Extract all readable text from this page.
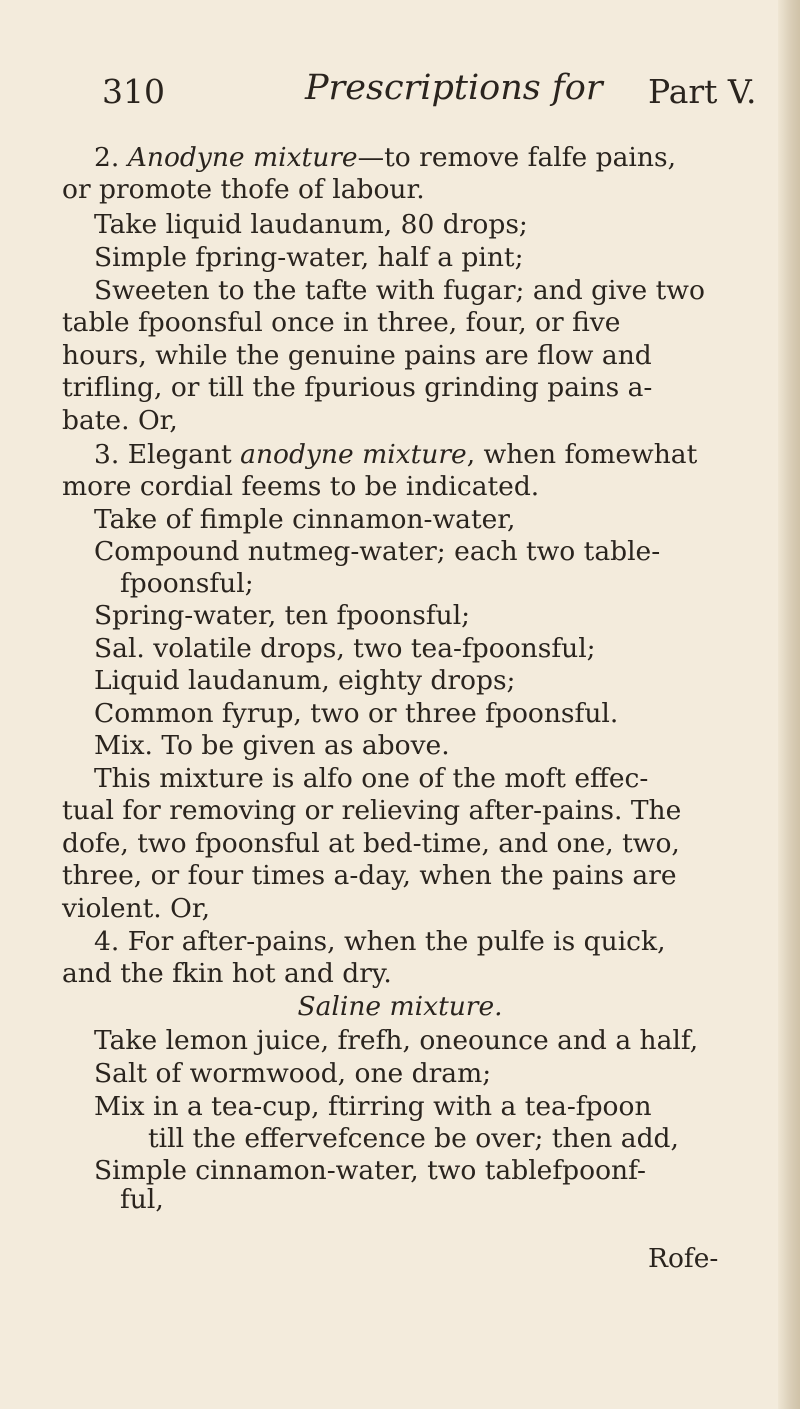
310	Prescriptions for Part V.
2. Anodyne mixture—to remove falfe pains,
or promote thofe of labour.
Take liquid laudanum, 80 drops;
Simple fpring-water, half a pint;
Sweeten to the tafte with fugar; and give two
table fpoonsful once in three, four, or five
hours, while the genuine pains are flow and
trifling, or till the fpurious grinding pains a-
bate. Or,
3. Elegant anodyne mixture, when fomewhat
more cordial feems to be indicated.
Take of fimple cinnamon-water,
Compound nutmeg-water; each two table-
fpoonsful;
Spring-water, ten fpoonsful;
Sal. volatile drops, two tea-fpoonsful;
Liquid laudanum, eighty drops;
Common fyrup, two or three fpoonsful.
Mix. To be given as above.
This mixture is alfo one of the moft effec-
tual for removing or relieving after-pains. The
dofe, two fpoonsful at bed-time, and one, two,
three, or four times a-day, when the pains are
violent. Or,
4. For after-pains, when the pulfe is quick,
and the fkin hot and dry.
Saline mixture.
Take lemon juice, frefh, oneounce and a half,
Salt of wormwood, one dram;
Mix in a tea-cup, ftirring with a tea-fpoon
till the effervefcence be over; then add,
Simple cinnamon-water, two tablefpoonf-
ful,
Rofe-
